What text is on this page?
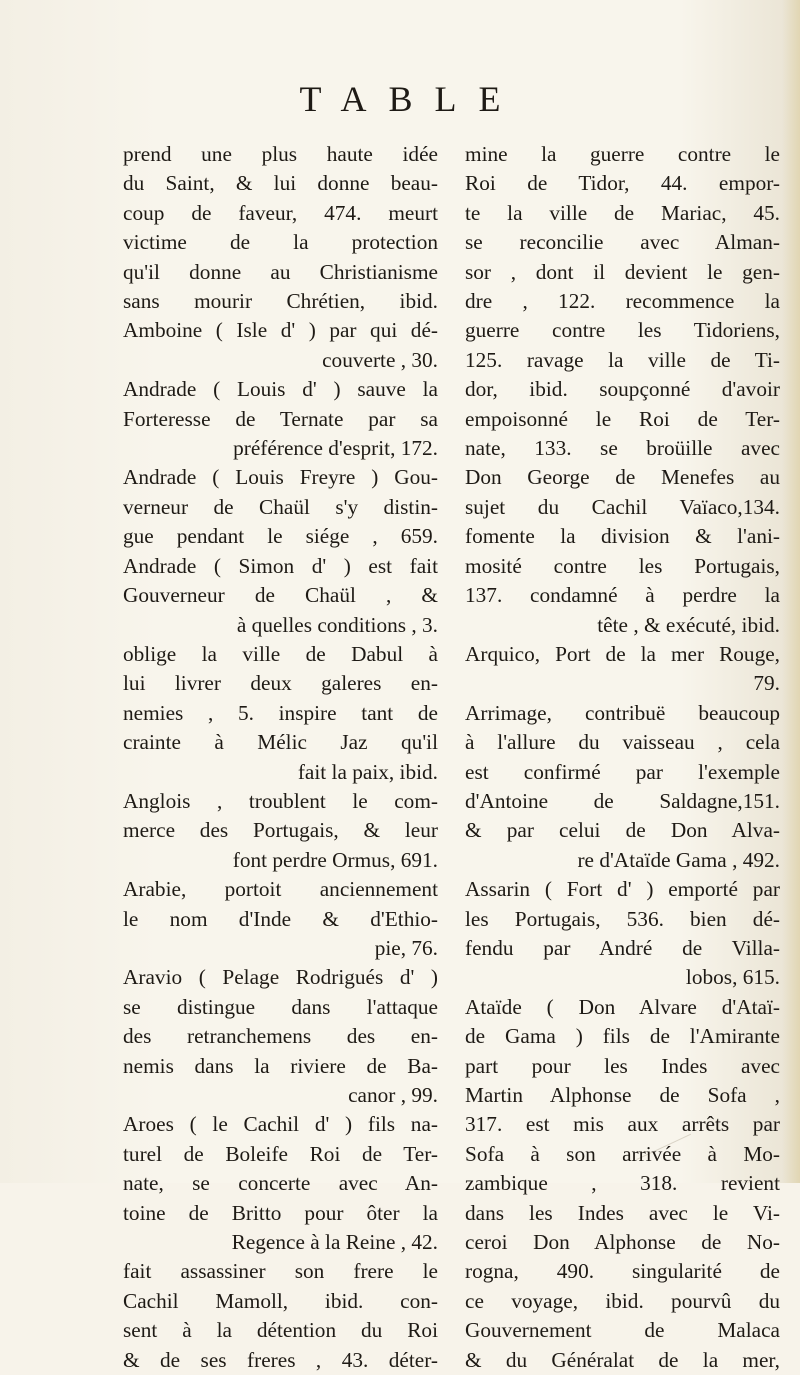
TABLE
prend une plus haute idée
du Saint, & lui donne beau-
coup de faveur, 474. meurt
victime de la protection
qu'il donne au Christianisme
sans mourir Chrétien, ibid.
Amboine ( Isle d' ) par qui dé-
couverte , 30.
Andrade ( Louis d' ) sauve la
Forteresse de Ternate par sa
préférence d'esprit, 172.
Andrade ( Louis Freyre ) Gou-
verneur de Chaül s'y distin-
gue pendant le siége , 659.
Andrade ( Simon d' ) est fait
Gouverneur de Chaül , &
à quelles conditions , 3.
oblige la ville de Dabul à
lui livrer deux galeres en-
nemies , 5. inspire tant de
crainte à Mélic Jaz qu'il
fait la paix, ibid.
Anglois , troublent le com-
merce des Portugais, & leur
font perdre Ormus, 691.
Arabie, portoit anciennement
le nom d'Inde & d'Ethio-
pie, 76.
Aravio ( Pelage Rodrigués d' )
se distingue dans l'attaque
des retranchemens des en-
nemis dans la riviere de Ba-
canor , 99.
Aroes ( le Cachil d' ) fils na-
turel de Boleife Roi de Ter-
nate, se concerte avec An-
toine de Britto pour ôter la
Regence à la Reine , 42.
fait assassiner son frere le
Cachil Mamoll, ibid. con-
sent à la détention du Roi
& de ses freres , 43. déter-
mine la guerre contre le
Roi de Tidor, 44. empor-
te la ville de Mariac, 45.
se reconcilie avec Alman-
sor , dont il devient le gen-
dre , 122. recommence la
guerre contre les Tidoriens,
125. ravage la ville de Ti-
dor, ibid. soupçonné d'avoir
empoisonné le Roi de Ter-
nate, 133. se broüille avec
Don George de Menefes au
sujet du Cachil Vaïaco,134.
fomente la division & l'ani-
mosité contre les Portugais,
137. condamné à perdre la
tête , & exécuté, ibid.
Arquico, Port de la mer Rouge,
79.
Arrimage, contribuë beaucoup
à l'allure du vaisseau , cela
est confirmé par l'exemple
d'Antoine de Saldagne,151.
& par celui de Don Alva-
re d'Ataïde Gama , 492.
Assarin ( Fort d' ) emporté par
les Portugais, 536. bien dé-
fendu par André de Villa-
lobos, 615.
Ataïde ( Don Alvare d'Ataï-
de Gama ) fils de l'Amirante
part pour les Indes avec
Martin Alphonse de Sofa ,
317. est mis aux arrêts par
Sofa à son arrivée à Mo-
zambique , 318. revient
dans les Indes avec le Vi-
ceroi Don Alphonse de No-
rogna, 490. singularité de
ce voyage, ibid. pourvû du
Gouvernement de Malaca
& du Généralat de la mer,
